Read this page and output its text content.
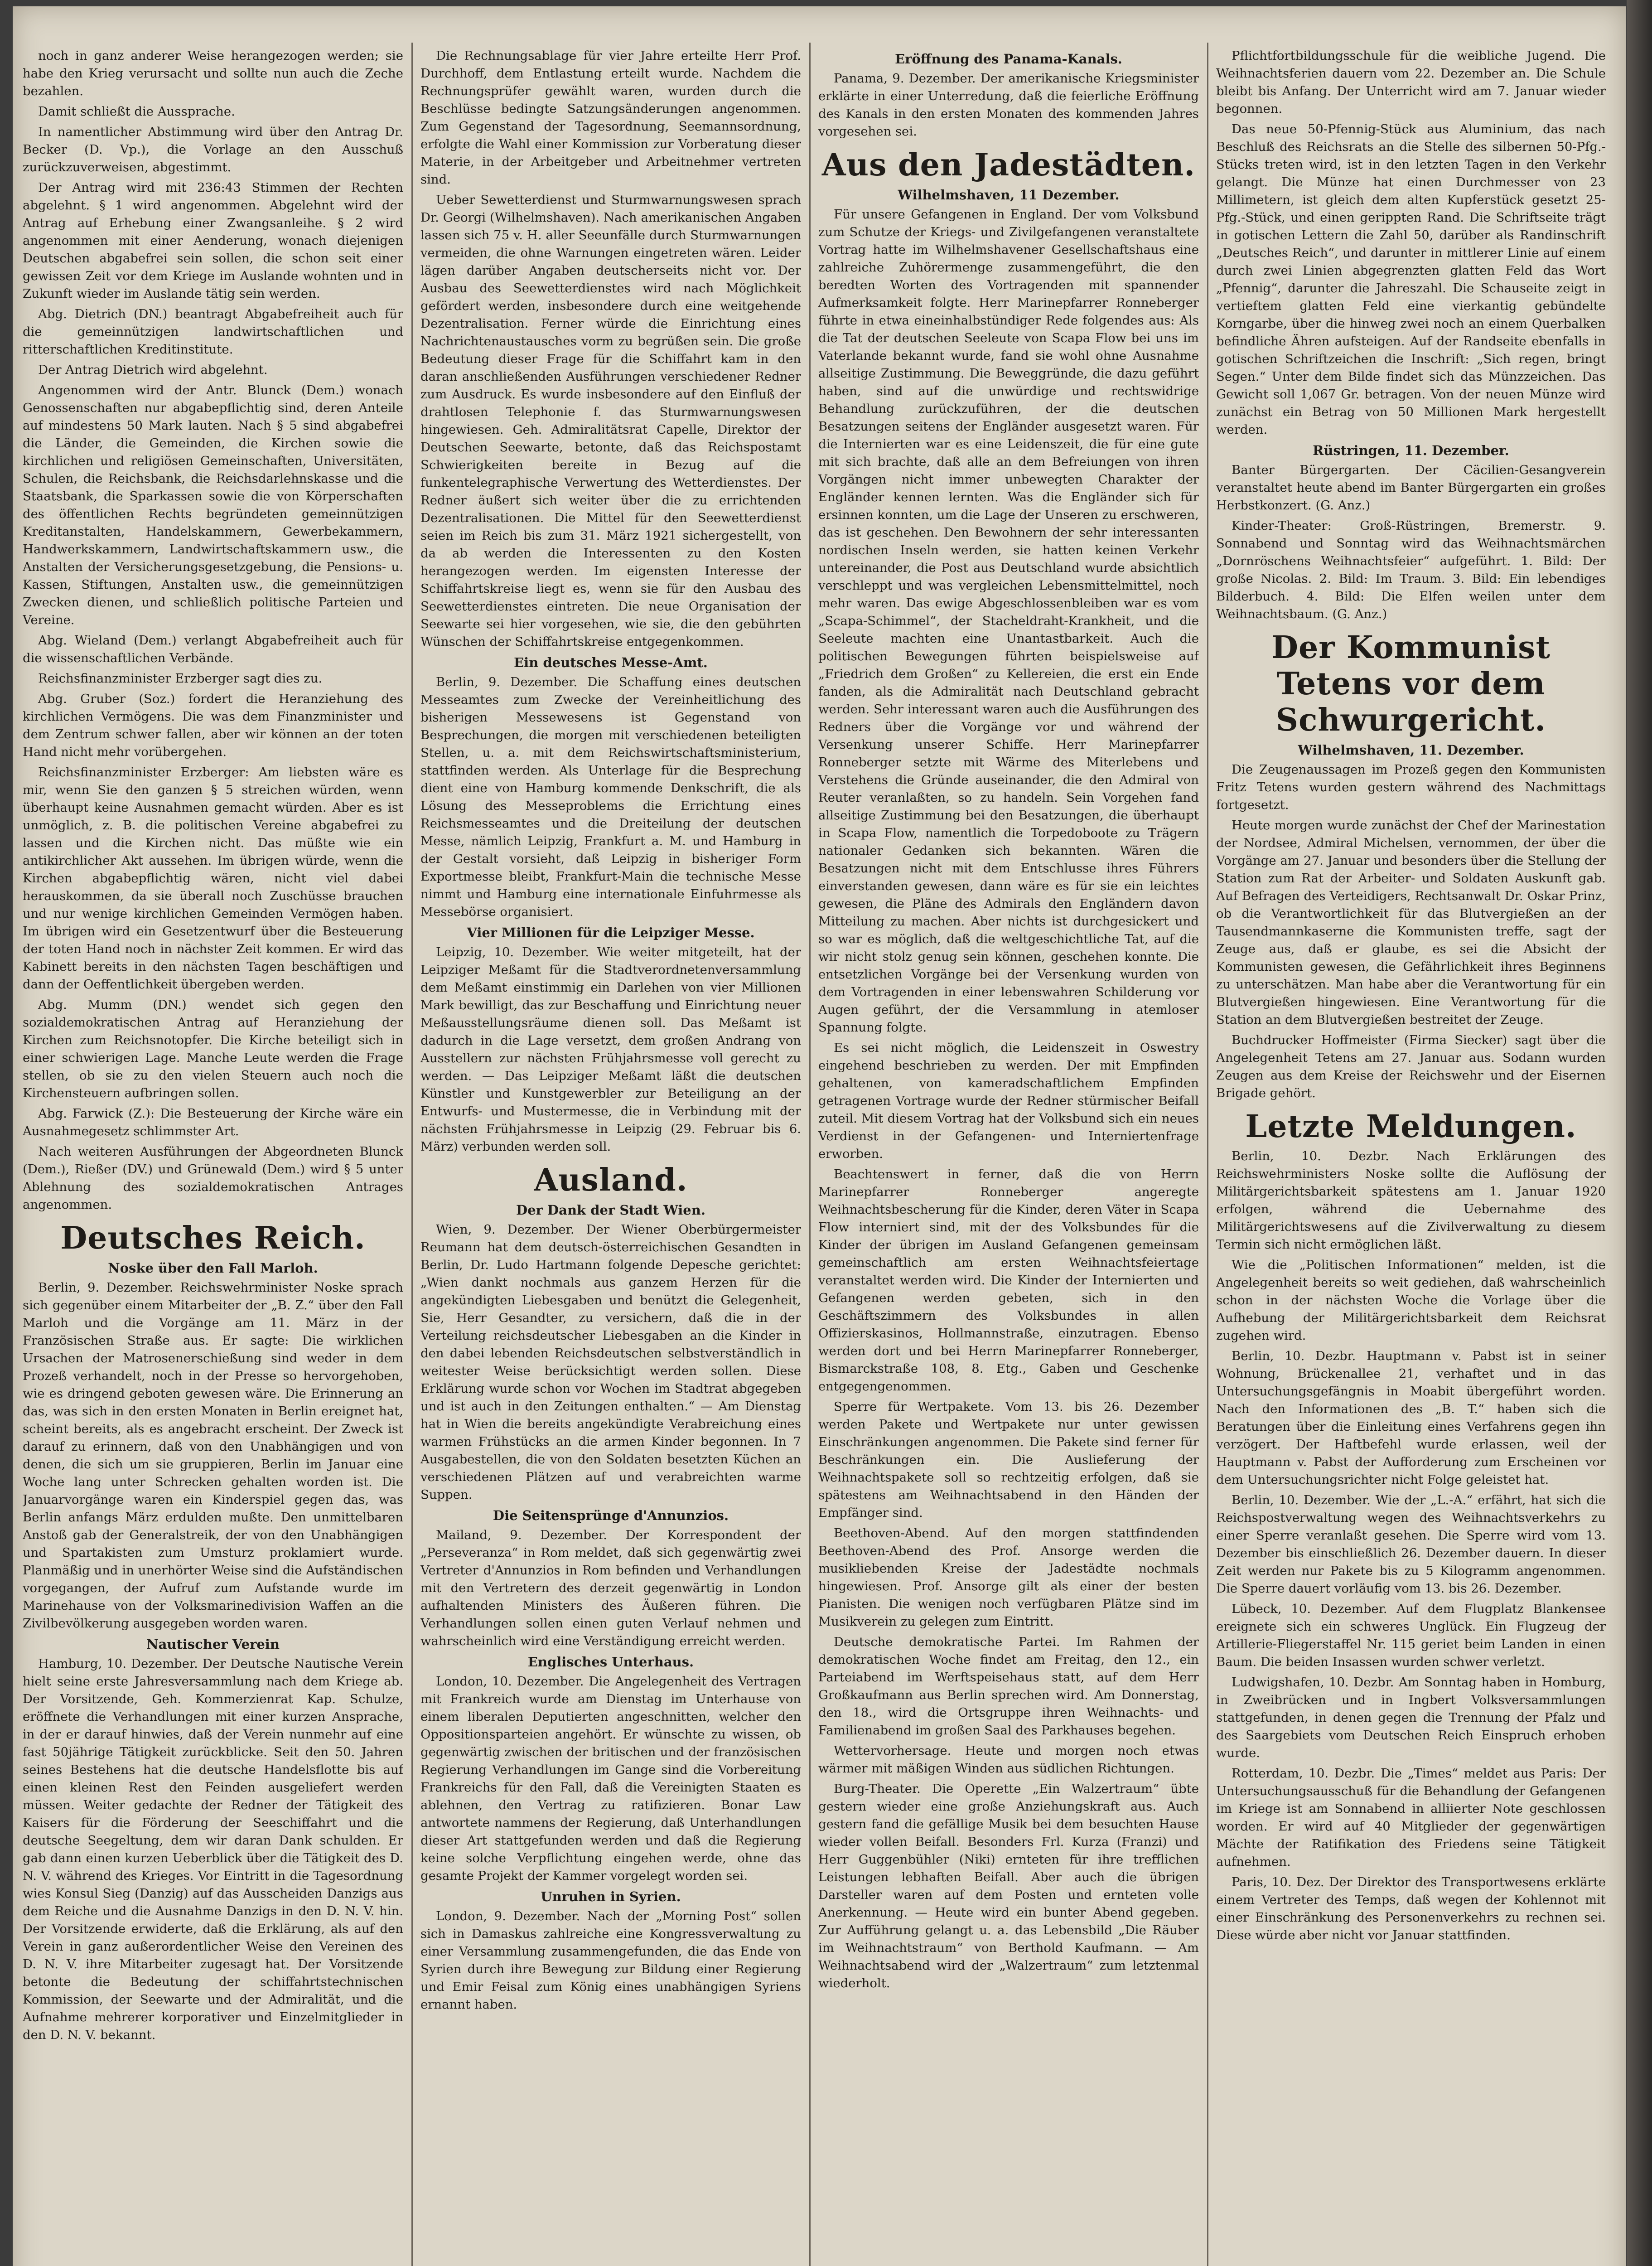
noch in ganz anderer Weise herangezogen werden; sie habe den Krieg verursacht und sollte nun auch die Zeche bezahlen.

Damit schließt die Aussprache.

In namentlicher Abstimmung wird über den Antrag Dr. Becker (D. Vp.), die Vorlage an den Ausschuß zurückzuverweisen, abgestimmt.

Der Antrag wird mit 236:43 Stimmen der Rechten abgelehnt. § 1 wird angenommen. Abgelehnt wird der Antrag auf Erhebung einer Zwangsanleihe. § 2 wird angenommen mit einer Aenderung, wonach diejenigen Deutschen abgabefrei sein sollen, die schon seit einer gewissen Zeit vor dem Kriege im Auslande wohnten und in Zukunft wieder im Auslande tätig sein werden.

Abg. Dietrich (DN.) beantragt Abgabefreiheit auch für die gemeinnützigen landwirtschaftlichen und ritterschaftlichen Kreditinstitute.

Der Antrag Dietrich wird abgelehnt.

Angenommen wird der Antr. Blunck (Dem.) wonach Genossenschaften nur abgabepflichtig sind, deren Anteile auf mindestens 50 Mark lauten. Nach § 5 sind abgabefrei die Länder, die Gemeinden, die Kirchen sowie die kirchlichen und religiösen Gemeinschaften, Universitäten, Schulen, die Reichsbank, die Reichsdarlehnskasse und die Staatsbank, die Sparkassen sowie die von Körperschaften des öffentlichen Rechts begründeten gemeinnützigen Kreditanstalten, Handelskammern, Gewerbekammern, Handwerkskammern, Landwirtschaftskammern usw., die Anstalten der Versicherungsgesetzgebung, die Pensions- u. Kassen, Stiftungen, Anstalten usw., die gemeinnützigen Zwecken dienen, und schließlich politische Parteien und Vereine.

Abg. Wieland (Dem.) verlangt Abgabefreiheit auch für die wissenschaftlichen Verbände.

Reichsfinanzminister Erzberger sagt dies zu.

Abg. Gruber (Soz.) fordert die Heranziehung des kirchlichen Vermögens. Die was dem Finanzminister und dem Zentrum schwer fallen, aber wir können an der toten Hand nicht mehr vorübergehen.

Reichsfinanzminister Erzberger: Am liebsten wäre es mir, wenn Sie den ganzen § 5 streichen würden, wenn überhaupt keine Ausnahmen gemacht würden. Aber es ist unmöglich, z. B. die politischen Vereine abgabefrei zu lassen und die Kirchen nicht. Das müßte wie ein antikirchlicher Akt aussehen. Im übrigen würde, wenn die Kirchen abgabepflichtig wären, nicht viel dabei herauskommen, da sie überall noch Zuschüsse brauchen und nur wenige kirchlichen Gemeinden Vermögen haben. Im übrigen wird ein Gesetzentwurf über die Besteuerung der toten Hand noch in nächster Zeit kommen. Er wird das Kabinett bereits in den nächsten Tagen beschäftigen und dann der Oeffentlichkeit übergeben werden.

Abg. Mumm (DN.) wendet sich gegen den sozialdemokratischen Antrag auf Heranziehung der Kirchen zum Reichsnotopfer. Die Kirche beteiligt sich in einer schwierigen Lage. Manche Leute werden die Frage stellen, ob sie zu den vielen Steuern auch noch die Kirchensteuern aufbringen sollen.

Abg. Farwick (Z.): Die Besteuerung der Kirche wäre ein Ausnahmegesetz schlimmster Art.

Nach weiteren Ausführungen der Abgeordneten Blunck (Dem.), Rießer (DV.) und Grünewald (Dem.) wird § 5 unter Ablehnung des sozialdemokratischen Antrages angenommen.

Deutsches Reich.
Noske über den Fall Marloh.

Berlin, 9. Dezember. Reichswehrminister Noske sprach sich gegenüber einem Mitarbeiter der „B. Z.“ über den Fall Marloh und die Vorgänge am 11. März in der Französischen Straße aus. Er sagte: Die wirklichen Ursachen der Matrosenerschießung sind weder in dem Prozeß verhandelt, noch in der Presse so hervorgehoben, wie es dringend geboten gewesen wäre. Die Erinnerung an das, was sich in den ersten Monaten in Berlin ereignet hat, scheint bereits, als es angebracht erscheint. Der Zweck ist darauf zu erinnern, daß von den Unabhängigen und von denen, die sich um sie gruppieren, Berlin im Januar eine Woche lang unter Schrecken gehalten worden ist. Die Januarvorgänge waren ein Kinderspiel gegen das, was Berlin anfangs März erdulden mußte. Den unmittelbaren Anstoß gab der Generalstreik, der von den Unabhängigen und Spartakisten zum Umsturz proklamiert wurde. Planmäßig und in unerhörter Weise sind die Aufständischen vorgegangen, der Aufruf zum Aufstande wurde im Marinehause von der Volksmarinedivision Waffen an die Zivilbevölkerung ausgegeben worden waren.

Nautischer Verein

Hamburg, 10. Dezember. Der Deutsche Nautische Verein hielt seine erste Jahresversammlung nach dem Kriege ab. Der Vorsitzende, Geh. Kommerzienrat Kap. Schulze, eröffnete die Verhandlungen mit einer kurzen Ansprache, in der er darauf hinwies, daß der Verein nunmehr auf eine fast 50jährige Tätigkeit zurückblicke. Seit den 50. Jahren seines Bestehens hat die deutsche Handelsflotte bis auf einen kleinen Rest den Feinden ausgeliefert werden müssen. Weiter gedachte der Redner der Tätigkeit des Kaisers für die Förderung der Seeschiffahrt und die deutsche Seegeltung, dem wir daran Dank schulden. Er gab dann einen kurzen Ueberblick über die Tätigkeit des D. N. V. während des Krieges. Vor Eintritt in die Tagesordnung wies Konsul Sieg (Danzig) auf das Ausscheiden Danzigs aus dem Reiche und die Ausnahme Danzigs in den D. N. V. hin. Der Vorsitzende erwiderte, daß die Erklärung, als auf den Verein in ganz außerordentlicher Weise den Vereinen des D. N. V. ihre Mitarbeiter zugesagt hat. Der Vorsitzende betonte die Bedeutung der schiffahrtstechnischen Kommission, der Seewarte und der Admiralität, und die Aufnahme mehrerer korporativer und Einzelmitglieder in den D. N. V. bekannt.

Die Rechnungsablage für vier Jahre erteilte Herr Prof. Durchhoff, dem Entlastung erteilt wurde. Nachdem die Rechnungsprüfer gewählt waren, wurden durch die Beschlüsse bedingte Satzungsänderungen angenommen. Zum Gegenstand der Tagesordnung, Seemannsordnung, erfolgte die Wahl einer Kommission zur Vorberatung dieser Materie, in der Arbeitgeber und Arbeitnehmer vertreten sind.

Ueber Sewetterdienst und Sturmwarnungswesen sprach Dr. Georgi (Wilhelmshaven). Nach amerikanischen Angaben lassen sich 75 v. H. aller Seeunfälle durch Sturmwarnungen vermeiden, die ohne Warnungen eingetreten wären. Leider lägen darüber Angaben deutscherseits nicht vor. Der Ausbau des Seewetterdienstes wird nach Möglichkeit gefördert werden, insbesondere durch eine weitgehende Dezentralisation. Ferner würde die Einrichtung eines Nachrichtenaustausches vorm zu begrüßen sein. Die große Bedeutung dieser Frage für die Schiffahrt kam in den daran anschließenden Ausführungen verschiedener Redner zum Ausdruck. Es wurde insbesondere auf den Einfluß der drahtlosen Telephonie f. das Sturmwarnungswesen hingewiesen. Geh. Admiralitätsrat Capelle, Direktor der Deutschen Seewarte, betonte, daß das Reichspostamt Schwierigkeiten bereite in Bezug auf die funkentelegraphische Verwertung des Wetterdienstes. Der Redner äußert sich weiter über die zu errichtenden Dezentralisationen. Die Mittel für den Seewetterdienst seien im Reich bis zum 31. März 1921 sichergestellt, von da ab werden die Interessenten zu den Kosten herangezogen werden. Im eigensten Interesse der Schiffahrtskreise liegt es, wenn sie für den Ausbau des Seewetterdienstes eintreten. Die neue Organisation der Seewarte sei hier vorgesehen, wie sie, die den gebührten Wünschen der Schiffahrtskreise entgegenkommen.

Ein deutsches Messe-Amt.

Berlin, 9. Dezember. Die Schaffung eines deutschen Messeamtes zum Zwecke der Vereinheitlichung des bisherigen Messewesens ist Gegenstand von Besprechungen, die morgen mit verschiedenen beteiligten Stellen, u. a. mit dem Reichswirtschaftsministerium, stattfinden werden. Als Unterlage für die Besprechung dient eine von Hamburg kommende Denkschrift, die als Lösung des Messeproblems die Errichtung eines Reichsmesseamtes und die Dreiteilung der deutschen Messe, nämlich Leipzig, Frankfurt a. M. und Hamburg in der Gestalt vorsieht, daß Leipzig in bisheriger Form Exportmesse bleibt, Frankfurt-Main die technische Messe nimmt und Hamburg eine internationale Einfuhrmesse als Messebörse organisiert.

Vier Millionen für die Leipziger Messe.

Leipzig, 10. Dezember. Wie weiter mitgeteilt, hat der Leipziger Meßamt für die Stadtverordnetenversammlung dem Meßamt einstimmig ein Darlehen von vier Millionen Mark bewilligt, das zur Beschaffung und Einrichtung neuer Meßausstellungsräume dienen soll. Das Meßamt ist dadurch in die Lage versetzt, dem großen Andrang von Ausstellern zur nächsten Frühjahrsmesse voll gerecht zu werden. — Das Leipziger Meßamt läßt die deutschen Künstler und Kunstgewerbler zur Beteiligung an der Entwurfs- und Mustermesse, die in Verbindung mit der nächsten Frühjahrsmesse in Leipzig (29. Februar bis 6. März) verbunden werden soll.

Ausland.
Der Dank der Stadt Wien.

Wien, 9. Dezember. Der Wiener Oberbürgermeister Reumann hat dem deutsch-österreichischen Gesandten in Berlin, Dr. Ludo Hartmann folgende Depesche gerichtet: „Wien dankt nochmals aus ganzem Herzen für die angekündigten Liebesgaben und benützt die Gelegenheit, Sie, Herr Gesandter, zu versichern, daß die in der Verteilung reichsdeutscher Liebesgaben an die Kinder in den dabei lebenden Reichsdeutschen selbstverständlich in weitester Weise berücksichtigt werden sollen. Diese Erklärung wurde schon vor Wochen im Stadtrat abgegeben und ist auch in den Zeitungen enthalten.“ — Am Dienstag hat in Wien die bereits angekündigte Verabreichung eines warmen Frühstücks an die armen Kinder begonnen. In 7 Ausgabestellen, die von den Soldaten besetzten Küchen an verschiedenen Plätzen auf und verabreichten warme Suppen.

Die Seitensprünge d'Annunzios.

Mailand, 9. Dezember. Der Korrespondent der „Perseveranza“ in Rom meldet, daß sich gegenwärtig zwei Vertreter d'Annunzios in Rom befinden und Verhandlungen mit den Vertretern des derzeit gegenwärtig in London aufhaltenden Ministers des Äußeren führen. Die Verhandlungen sollen einen guten Verlauf nehmen und wahrscheinlich wird eine Verständigung erreicht werden.

Englisches Unterhaus.

London, 10. Dezember. Die Angelegenheit des Vertragen mit Frankreich wurde am Dienstag im Unterhause von einem liberalen Deputierten angeschnitten, welcher den Oppositionsparteien angehört. Er wünschte zu wissen, ob gegenwärtig zwischen der britischen und der französischen Regierung Verhandlungen im Gange sind die Vorbereitung Frankreichs für den Fall, daß die Vereinigten Staaten es ablehnen, den Vertrag zu ratifizieren. Bonar Law antwortete nammens der Regierung, daß Unterhandlungen dieser Art stattgefunden werden und daß die Regierung keine solche Verpflichtung eingehen werde, ohne das gesamte Projekt der Kammer vorgelegt worden sei.

Unruhen in Syrien.

London, 9. Dezember. Nach der „Morning Post“ sollen sich in Damaskus zahlreiche eine Kongressverwaltung zu einer Versammlung zusammengefunden, die das Ende von Syrien durch ihre Bewegung zur Bildung einer Regierung und Emir Feisal zum König eines unabhängigen Syriens ernannt haben.

Eröffnung des Panama-Kanals.

Panama, 9. Dezember. Der amerikanische Kriegsminister erklärte in einer Unterredung, daß die feierliche Eröffnung des Kanals in den ersten Monaten des kommenden Jahres vorgesehen sei.

Aus den Jadestädten.
Wilhelmshaven, 11 Dezember.

Für unsere Gefangenen in England. Der vom Volksbund zum Schutze der Kriegs- und Zivilgefangenen veranstaltete Vortrag hatte im Wilhelmshavener Gesellschaftshaus eine zahlreiche Zuhörermenge zusammengeführt, die den beredten Worten des Vortragenden mit spannender Aufmerksamkeit folgte. Herr Marinepfarrer Ronneberger führte in etwa eineinhalbstündiger Rede folgendes aus: Als die Tat der deutschen Seeleute von Scapa Flow bei uns im Vaterlande bekannt wurde, fand sie wohl ohne Ausnahme allseitige Zustimmung. Die Beweggründe, die dazu geführt haben, sind auf die unwürdige und rechtswidrige Behandlung zurückzuführen, der die deutschen Besatzungen seitens der Engländer ausgesetzt waren. Für die Internierten war es eine Leidenszeit, die für eine gute mit sich brachte, daß alle an dem Befreiungen von ihren Vorgängen nicht immer unbewegten Charakter der Engländer kennen lernten. Was die Engländer sich für ersinnen konnten, um die Lage der Unseren zu erschweren, das ist geschehen. Den Bewohnern der sehr interessanten nordischen Inseln werden, sie hatten keinen Verkehr untereinander, die Post aus Deutschland wurde absichtlich verschleppt und was vergleichen Lebensmittelmittel, noch mehr waren. Das ewige Abgeschlossenbleiben war es vom „Scapa-Schimmel“, der Stacheldraht-Krankheit, und die Seeleute machten eine Unantastbarkeit. Auch die politischen Bewegungen führten beispielsweise auf „Friedrich dem Großen“ zu Kellereien, die erst ein Ende fanden, als die Admiralität nach Deutschland gebracht werden. Sehr interessant waren auch die Ausführungen des Redners über die Vorgänge vor und während der Versenkung unserer Schiffe. Herr Marinepfarrer Ronneberger setzte mit Wärme des Miterlebens und Verstehens die Gründe auseinander, die den Admiral von Reuter veranlaßten, so zu handeln. Sein Vorgehen fand allseitige Zustimmung bei den Besatzungen, die überhaupt in Scapa Flow, namentlich die Torpedoboote zu Trägern nationaler Gedanken sich bekannten. Wären die Besatzungen nicht mit dem Entschlusse ihres Führers einverstanden gewesen, dann wäre es für sie ein leichtes gewesen, die Pläne des Admirals den Engländern davon Mitteilung zu machen. Aber nichts ist durchgesickert und so war es möglich, daß die weltgeschichtliche Tat, auf die wir nicht stolz genug sein können, geschehen konnte. Die entsetzlichen Vorgänge bei der Versenkung wurden von dem Vortragenden in einer lebenswahren Schilderung vor Augen geführt, der die Versammlung in atemloser Spannung folgte.

Es sei nicht möglich, die Leidenszeit in Oswestry eingehend beschrieben zu werden. Der mit Empfinden gehaltenen, von kameradschaftlichem Empfinden getragenen Vortrage wurde der Redner stürmischer Beifall zuteil. Mit diesem Vortrag hat der Volksbund sich ein neues Verdienst in der Gefangenen- und Interniertenfrage erworben.

Beachtenswert in ferner, daß die von Herrn Marinepfarrer Ronneberger angeregte Weihnachtsbescherung für die Kinder, deren Väter in Scapa Flow interniert sind, mit der des Volksbundes für die Kinder der übrigen im Ausland Gefangenen gemeinsam gemeinschaftlich am ersten Weihnachtsfeiertage veranstaltet werden wird. Die Kinder der Internierten und Gefangenen werden gebeten, sich in den Geschäftszimmern des Volksbundes in allen Offizierskasinos, Hollmannstraße, einzutragen. Ebenso werden dort und bei Herrn Marinepfarrer Ronneberger, Bismarckstraße 108, 8. Etg., Gaben und Geschenke entgegengenommen.

Sperre für Wertpakete. Vom 13. bis 26. Dezember werden Pakete und Wertpakete nur unter gewissen Einschränkungen angenommen. Die Pakete sind ferner für Beschränkungen ein. Die Auslieferung der Weihnachtspakete soll so rechtzeitig erfolgen, daß sie spätestens am Weihnachtsabend in den Händen der Empfänger sind.

Beethoven-Abend. Auf den morgen stattfindenden Beethoven-Abend des Prof. Ansorge werden die musikliebenden Kreise der Jadestädte nochmals hingewiesen. Prof. Ansorge gilt als einer der besten Pianisten. Die wenigen noch verfügbaren Plätze sind im Musikverein zu gelegen zum Eintritt.

Deutsche demokratische Partei. Im Rahmen der demokratischen Woche findet am Freitag, den 12., ein Parteiabend im Werftspeisehaus statt, auf dem Herr Großkaufmann aus Berlin sprechen wird. Am Donnerstag, den 18., wird die Ortsgruppe ihren Weihnachts- und Familienabend im großen Saal des Parkhauses begehen.

Wettervorhersage. Heute und morgen noch etwas wärmer mit mäßigen Winden aus südlichen Richtungen.

Burg-Theater. Die Operette „Ein Walzertraum“ übte gestern wieder eine große Anziehungskraft aus. Auch gestern fand die gefällige Musik bei dem besuchten Hause wieder vollen Beifall. Besonders Frl. Kurza (Franzi) und Herr Guggenbühler (Niki) ernteten für ihre trefflichen Leistungen lebhaften Beifall. Aber auch die übrigen Darsteller waren auf dem Posten und ernteten volle Anerkennung. — Heute wird ein bunter Abend gegeben. Zur Aufführung gelangt u. a. das Lebensbild „Die Räuber im Weihnachtstraum“ von Berthold Kaufmann. — Am Weihnachtsabend wird der „Walzertraum“ zum letztenmal wiederholt.

Pflichtfortbildungsschule für die weibliche Jugend. Die Weihnachtsferien dauern vom 22. Dezember an. Die Schule bleibt bis Anfang. Der Unterricht wird am 7. Januar wieder begonnen.

Das neue 50-Pfennig-Stück aus Aluminium, das nach Beschluß des Reichsrats an die Stelle des silbernen 50-Pfg.-Stücks treten wird, ist in den letzten Tagen in den Verkehr gelangt. Die Münze hat einen Durchmesser von 23 Millimetern, ist gleich dem alten Kupferstück gesetzt 25-Pfg.-Stück, und einen gerippten Rand. Die Schriftseite trägt in gotischen Lettern die Zahl 50, darüber als Randinschrift „Deutsches Reich“, und darunter in mittlerer Linie auf einem durch zwei Linien abgegrenzten glatten Feld das Wort „Pfennig“, darunter die Jahreszahl. Die Schauseite zeigt in vertieftem glatten Feld eine vierkantig gebündelte Korngarbe, über die hinweg zwei noch an einem Querbalken befindliche Ähren aufsteigen. Auf der Randseite ebenfalls in gotischen Schriftzeichen die Inschrift: „Sich regen, bringt Segen.“ Unter dem Bilde findet sich das Münzzeichen. Das Gewicht soll 1,067 Gr. betragen. Von der neuen Münze wird zunächst ein Betrag von 50 Millionen Mark hergestellt werden.

Rüstringen, 11. Dezember.

Banter Bürgergarten. Der Cäcilien-Gesangverein veranstaltet heute abend im Banter Bürgergarten ein großes Herbstkonzert. (G. Anz.)

Kinder-Theater: Groß-Rüstringen, Bremerstr. 9. Sonnabend und Sonntag wird das Weihnachtsmärchen „Dornröschens Weihnachtsfeier“ aufgeführt. 1. Bild: Der große Nicolas. 2. Bild: Im Traum. 3. Bild: Ein lebendiges Bilderbuch. 4. Bild: Die Elfen weilen unter dem Weihnachtsbaum. (G. Anz.)

Der Kommunist Tetens vor dem Schwurgericht.
Wilhelmshaven, 11. Dezember.

Die Zeugenaussagen im Prozeß gegen den Kommunisten Fritz Tetens wurden gestern während des Nachmittags fortgesetzt.

Heute morgen wurde zunächst der Chef der Marinestation der Nordsee, Admiral Michelsen, vernommen, der über die Vorgänge am 27. Januar und besonders über die Stellung der Station zum Rat der Arbeiter- und Soldaten Auskunft gab. Auf Befragen des Verteidigers, Rechtsanwalt Dr. Oskar Prinz, ob die Verantwortlichkeit für das Blutvergießen an der Tausendmannkaserne die Kommunisten treffe, sagt der Zeuge aus, daß er glaube, es sei die Absicht der Kommunisten gewesen, die Gefährlichkeit ihres Beginnens zu unterschätzen. Man habe aber die Verantwortung für ein Blutvergießen hingewiesen. Eine Verantwortung für die Station an dem Blutvergießen bestreitet der Zeuge.

Buchdrucker Hoffmeister (Firma Siecker) sagt über die Angelegenheit Tetens am 27. Januar aus. Sodann wurden Zeugen aus dem Kreise der Reichswehr und der Eisernen Brigade gehört.

Letzte Meldungen.

Berlin, 10. Dezbr. Nach Erklärungen des Reichswehrministers Noske sollte die Auflösung der Militärgerichtsbarkeit spätestens am 1. Januar 1920 erfolgen, während die Uebernahme des Militärgerichtswesens auf die Zivilverwaltung zu diesem Termin sich nicht ermöglichen läßt.

Wie die „Politischen Informationen“ melden, ist die Angelegenheit bereits so weit gediehen, daß wahrscheinlich schon in der nächsten Woche die Vorlage über die Aufhebung der Militärgerichtsbarkeit dem Reichsrat zugehen wird.

Berlin, 10. Dezbr. Hauptmann v. Pabst ist in seiner Wohnung, Brückenallee 21, verhaftet und in das Untersuchungsgefängnis in Moabit übergeführt worden. Nach den Informationen des „B. T.“ haben sich die Beratungen über die Einleitung eines Verfahrens gegen ihn verzögert. Der Haftbefehl wurde erlassen, weil der Hauptmann v. Pabst der Aufforderung zum Erscheinen vor dem Untersuchungsrichter nicht Folge geleistet hat.

Berlin, 10. Dezember. Wie der „L.-A.“ erfährt, hat sich die Reichspostverwaltung wegen des Weihnachtsverkehrs zu einer Sperre veranlaßt gesehen. Die Sperre wird vom 13. Dezember bis einschließlich 26. Dezember dauern. In dieser Zeit werden nur Pakete bis zu 5 Kilogramm angenommen. Die Sperre dauert vorläufig vom 13. bis 26. Dezember.

Lübeck, 10. Dezember. Auf dem Flugplatz Blankensee ereignete sich ein schweres Unglück. Ein Flugzeug der Artillerie-Fliegerstaffel Nr. 115 geriet beim Landen in einen Baum. Die beiden Insassen wurden schwer verletzt.

Ludwigshafen, 10. Dezbr. Am Sonntag haben in Homburg, in Zweibrücken und in Ingbert Volksversammlungen stattgefunden, in denen gegen die Trennung der Pfalz und des Saargebiets vom Deutschen Reich Einspruch erhoben wurde.

Rotterdam, 10. Dezbr. Die „Times“ meldet aus Paris: Der Untersuchungsausschuß für die Behandlung der Gefangenen im Kriege ist am Sonnabend in alliierter Note geschlossen worden. Er wird auf 40 Mitglieder der gegenwärtigen Mächte der Ratifikation des Friedens seine Tätigkeit aufnehmen.

Paris, 10. Dez. Der Direktor des Transportwesens erklärte einem Vertreter des Temps, daß wegen der Kohlennot mit einer Einschränkung des Personenverkehrs zu rechnen sei. Diese würde aber nicht vor Januar stattfinden.
